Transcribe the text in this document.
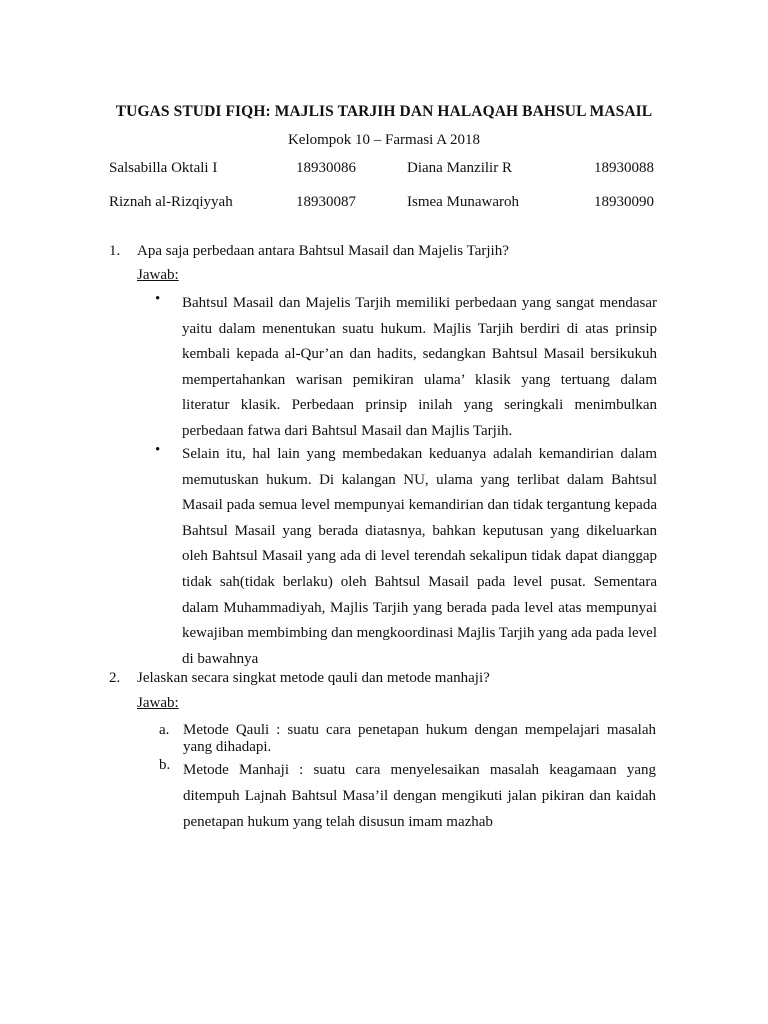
TUGAS STUDI FIQH: MAJLIS TARJIH DAN HALAQAH BAHSUL MASAIL
Kelompok 10 – Farmasi A 2018
Salsabilla Oktali I	18930086	Diana Manzilir R	18930088
Riznah al-Rizqiyyah	18930087	Ismea Munawaroh	18930090
1. Apa saja perbedaan antara Bahtsul Masail dan Majelis Tarjih?
Jawab:
• Bahtsul Masail dan Majelis Tarjih memiliki perbedaan yang sangat mendasar yaitu dalam menentukan suatu hukum. Majlis Tarjih berdiri di atas prinsip kembali kepada al-Qur’an dan hadits, sedangkan Bahtsul Masail bersikukuh mempertahankan warisan pemikiran ulama’ klasik yang tertuang dalam literatur klasik. Perbedaan prinsip inilah yang seringkali menimbulkan perbedaan fatwa dari Bahtsul Masail dan Majlis Tarjih.
• Selain itu, hal lain yang membedakan keduanya adalah kemandirian dalam memutuskan hukum. Di kalangan NU, ulama yang terlibat dalam Bahtsul Masail pada semua level mempunyai kemandirian dan tidak tergantung kepada Bahtsul Masail yang berada diatasnya, bahkan keputusan yang dikeluarkan oleh Bahtsul Masail yang ada di level terendah sekalipun tidak dapat dianggap tidak sah(tidak berlaku) oleh Bahtsul Masail pada level pusat. Sementara dalam Muhammadiyah, Majlis Tarjih yang berada pada level atas mempunyai kewajiban membimbing dan mengkoordinasi Majlis Tarjih yang ada pada level di bawahnya
2. Jelaskan secara singkat metode qauli dan metode manhaji?
Jawab:
a. Metode Qauli : suatu cara penetapan hukum dengan mempelajari masalah yang dihadapi.
b. Metode Manhaji : suatu cara menyelesaikan masalah keagamaan yang ditempuh Lajnah Bahtsul Masa’il dengan mengikuti jalan pikiran dan kaidah penetapan hukum yang telah disusun imam mazhab
